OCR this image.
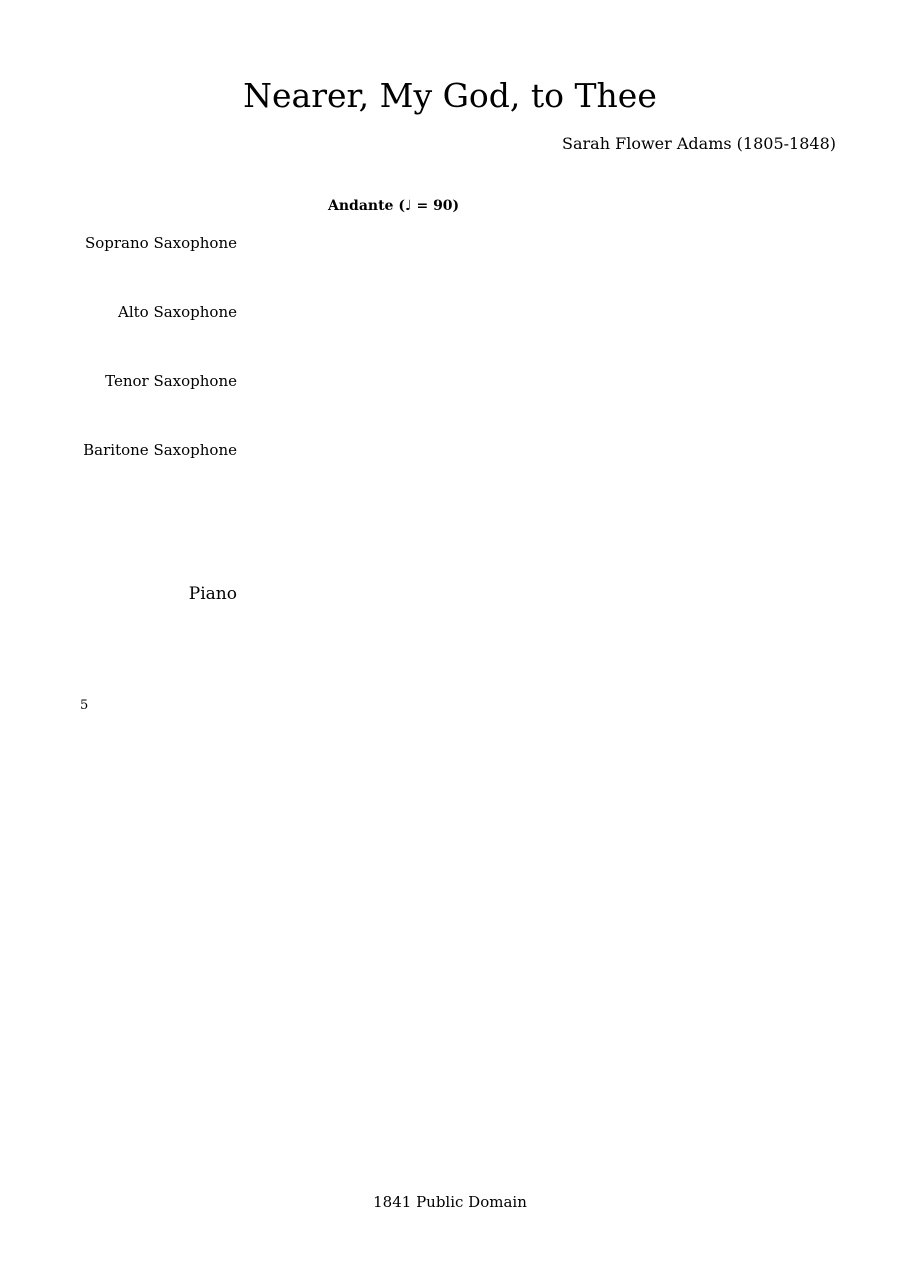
Nearer, My God, to Thee
Sarah Flower Adams (1805-1848)
Andante (♩ = 90)
5
Soprano Saxophone
Alto Saxophone
Tenor Saxophone
Baritone Saxophone
Piano
1841 Public Domain
